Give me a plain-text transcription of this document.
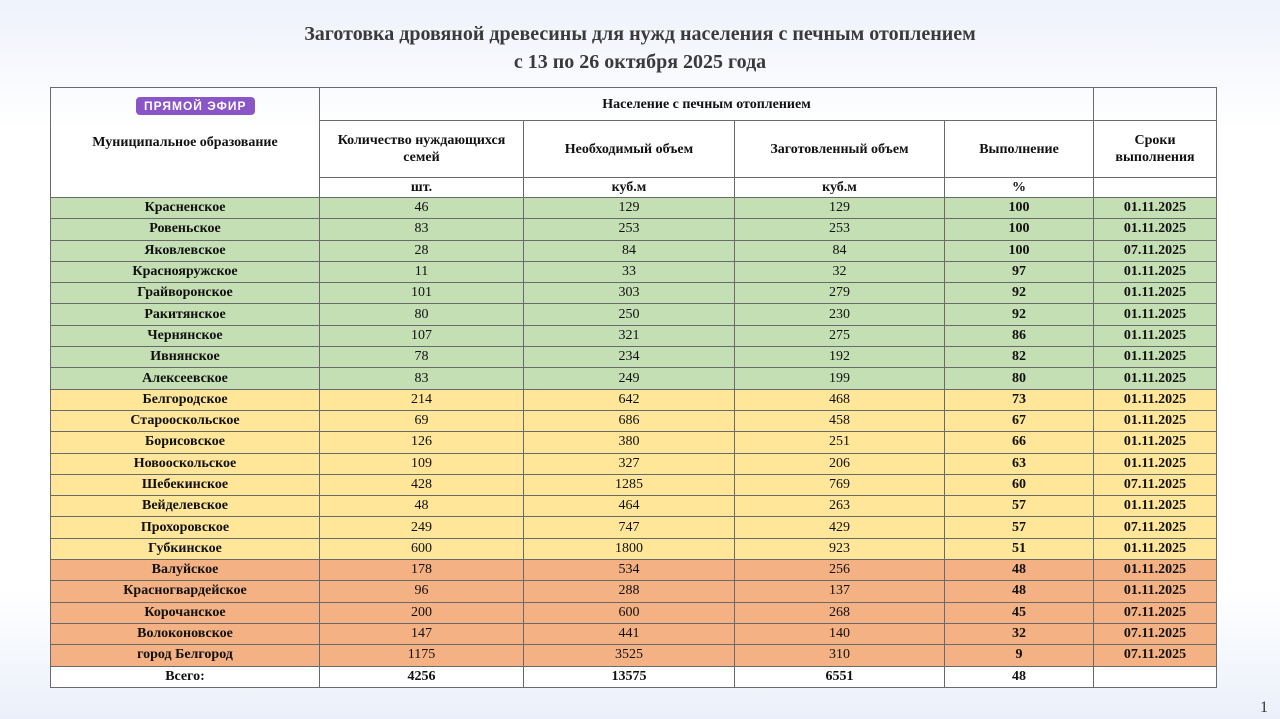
Заготовка дровяной древесины для нужд населения с печным отоплением
с 13 по 26 октября 2025 года
Муниципальное образование	Население с печным отоплением				
	Количество нуждающихся семей	Необходимый объем	Заготовленный объем	Выполнение	Сроки выполнения
	шт.	куб.м	куб.м	%	
Красненское	46	129	129	100	01.11.2025
Ровеньское	83	253	253	100	01.11.2025
Яковлевское	28	84	84	100	07.11.2025
Краснояружское	11	33	32	97	01.11.2025
Грайворонское	101	303	279	92	01.11.2025
Ракитянское	80	250	230	92	01.11.2025
Чернянское	107	321	275	86	01.11.2025
Ивнянское	78	234	192	82	01.11.2025
Алексеевское	83	249	199	80	01.11.2025
Белгородское	214	642	468	73	01.11.2025
Старооскольское	69	686	458	67	01.11.2025
Борисовское	126	380	251	66	01.11.2025
Новооскольское	109	327	206	63	01.11.2025
Шебекинское	428	1285	769	60	07.11.2025
Вейделевское	48	464	263	57	01.11.2025
Прохоровское	249	747	429	57	07.11.2025
Губкинское	600	1800	923	51	01.11.2025
Валуйское	178	534	256	48	01.11.2025
Красногвардейское	96	288	137	48	01.11.2025
Корочанское	200	600	268	45	07.11.2025
Волоконовское	147	441	140	32	07.11.2025
город Белгород	1175	3525	310	9	07.11.2025
Всего:	4256	13575	6551	48	
ПРЯМОЙ ЭФИР
1
